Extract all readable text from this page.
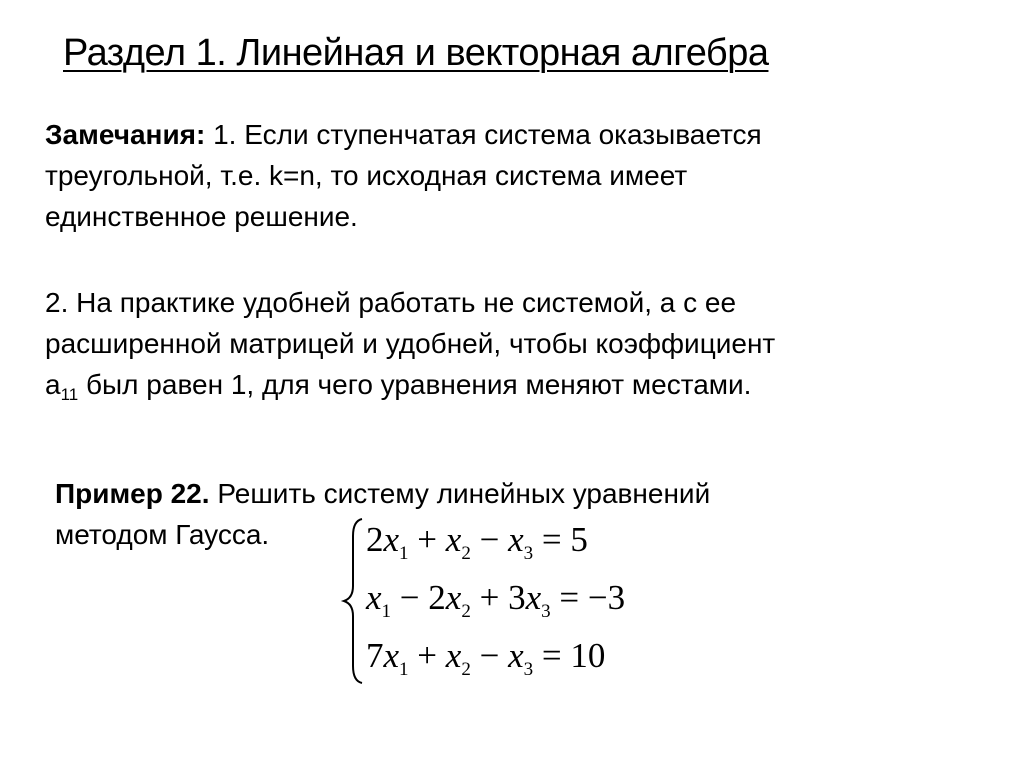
Раздел 1. Линейная и векторная алгебра
Замечания: 1. Если ступенчатая система оказывается
треугольной, т.е. k=n, то исходная система имеет
единственное решение.
2. На практике удобней работать не системой, а с ее
расширенной матрицей и удобней, чтобы коэффициент
$a_{11}$ был равен 1, для чего уравнения меняют местами.
Пример 22. Решить систему линейных уравнений
методом Гаусса.	$2x_1 + x_2 - x_3 = 5$
$x_1 - 2x_2 + 3x_3 = -3$
$7x_1 + x_2 - x_3 = 10$
